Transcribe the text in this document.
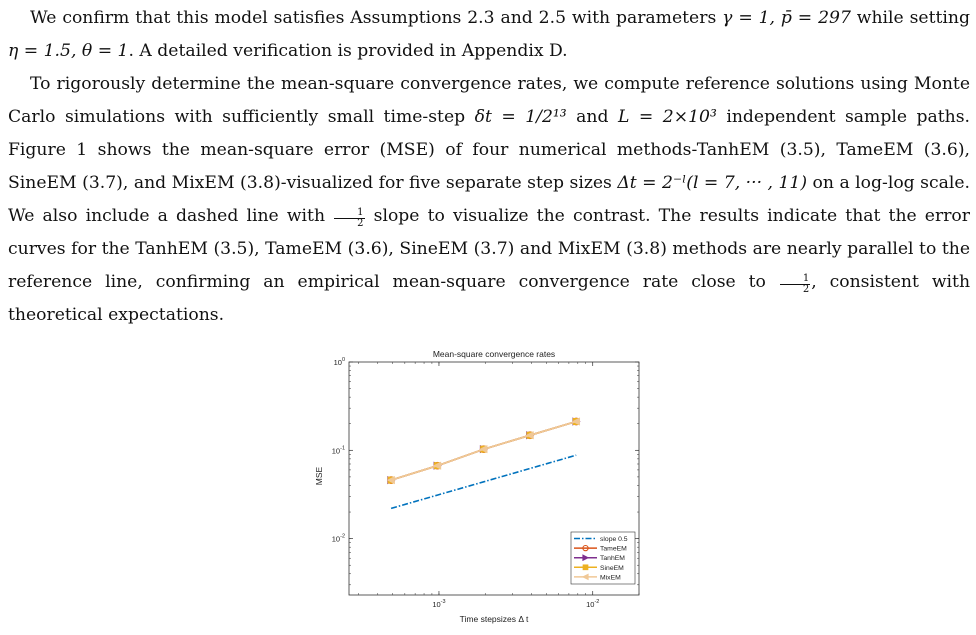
We confirm that this model satisfies Assumptions 2.3 and 2.5 with parameters γ = 1, p̄ = 297 while setting η = 1.5, θ = 1. A detailed verification is provided in Appendix D.

To rigorously determine the mean-square convergence rates, we compute reference solutions using Monte Carlo simulations with sufficiently small time-step δt = 1/2¹³ and L = 2×10³ independent sample paths. Figure 1 shows the mean-square error (MSE) of four numerical methods-TanhEM (3.5), TameEM (3.6), SineEM (3.7), and MixEM (3.8)-visualized for five separate step sizes Δt = 2⁻ˡ(l = 7, ··· , 11) on a log-log scale. We also include a dashed line with $\frac{1}{2}$ slope to visualize the contrast. The results indicate that the error curves for the TanhEM (3.5), TameEM (3.6), SineEM (3.7) and MixEM (3.8) methods are nearly parallel to the reference line, confirming an empirical mean-square convergence rate close to $\frac{1}{2}$ , consistent with theoretical expectations.

Mean-square convergence rates
Time stepsizes Δ t
MSE
$10^{-3}$	$10^{-2}$
$10^0$
$10^{-1}$
$10^{-2}$	slope 0.5
TameEM
TanhEM
SineEM
MixEM
